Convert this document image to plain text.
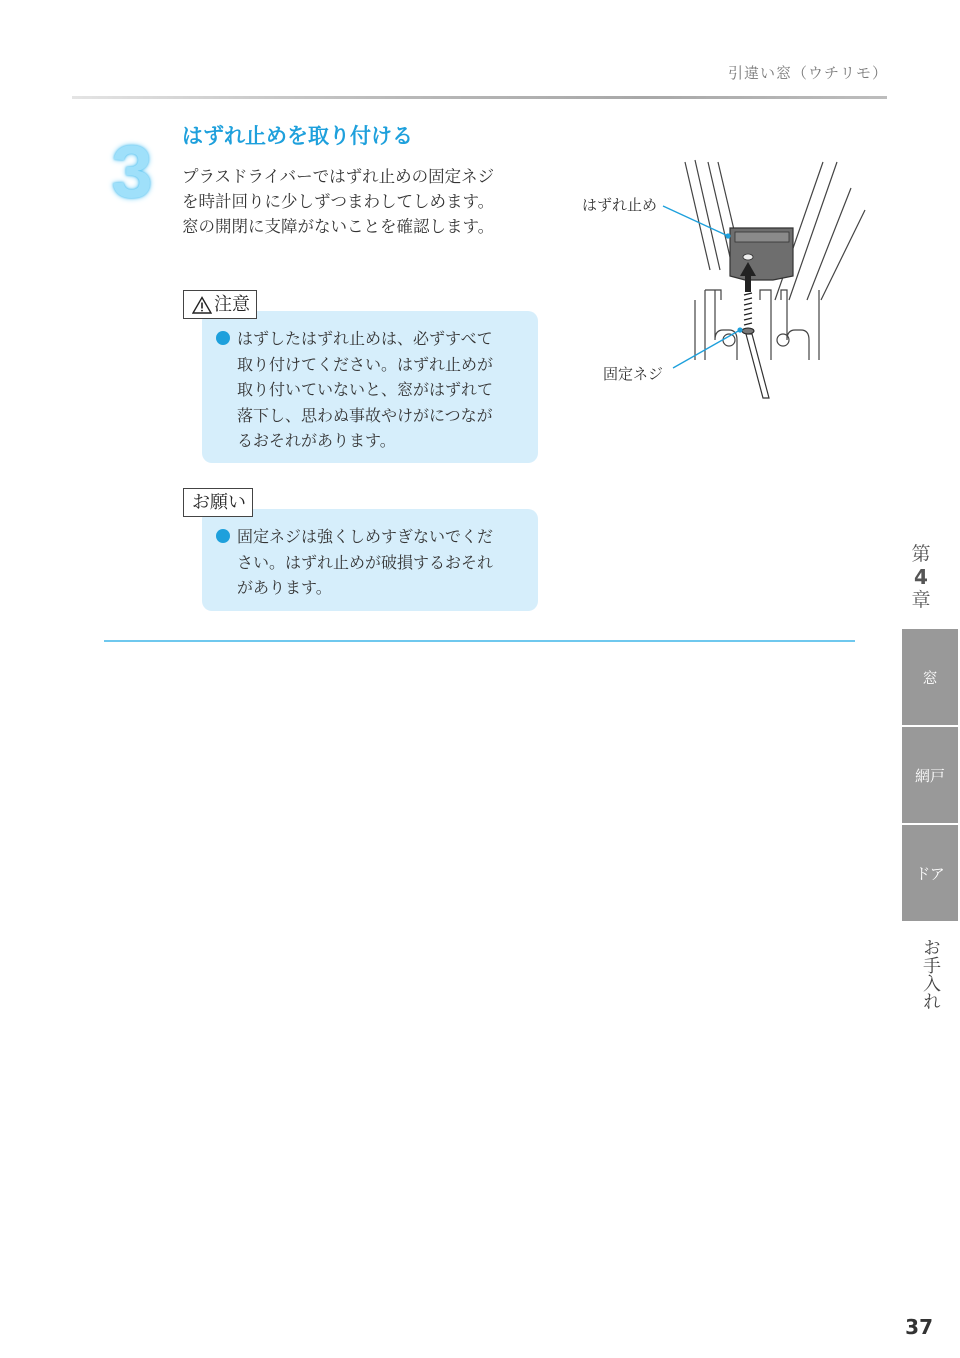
引違い窓（ウチリモ）
3	はずれ止めを取り付ける
プラスドライバーではずれ止めの固定ネジ
を時計回りに少しずつまわしてしめます。
窓の開閉に支障がないことを確認します。
注意
はずしたはずれ止めは、必ずすべて
取り付けてください。はずれ止めが
取り付いていないと、窓がはずれて
落下し、思わぬ事故やけがにつなが
るおそれがあります。
お願い
固定ネジは強くしめすぎないでくだ
さい。はずれ止めが破損するおそれ
があります。
はずれ止め
固定ネジ
第
4
章
窓
網戸
ドア
お手入れ
37
